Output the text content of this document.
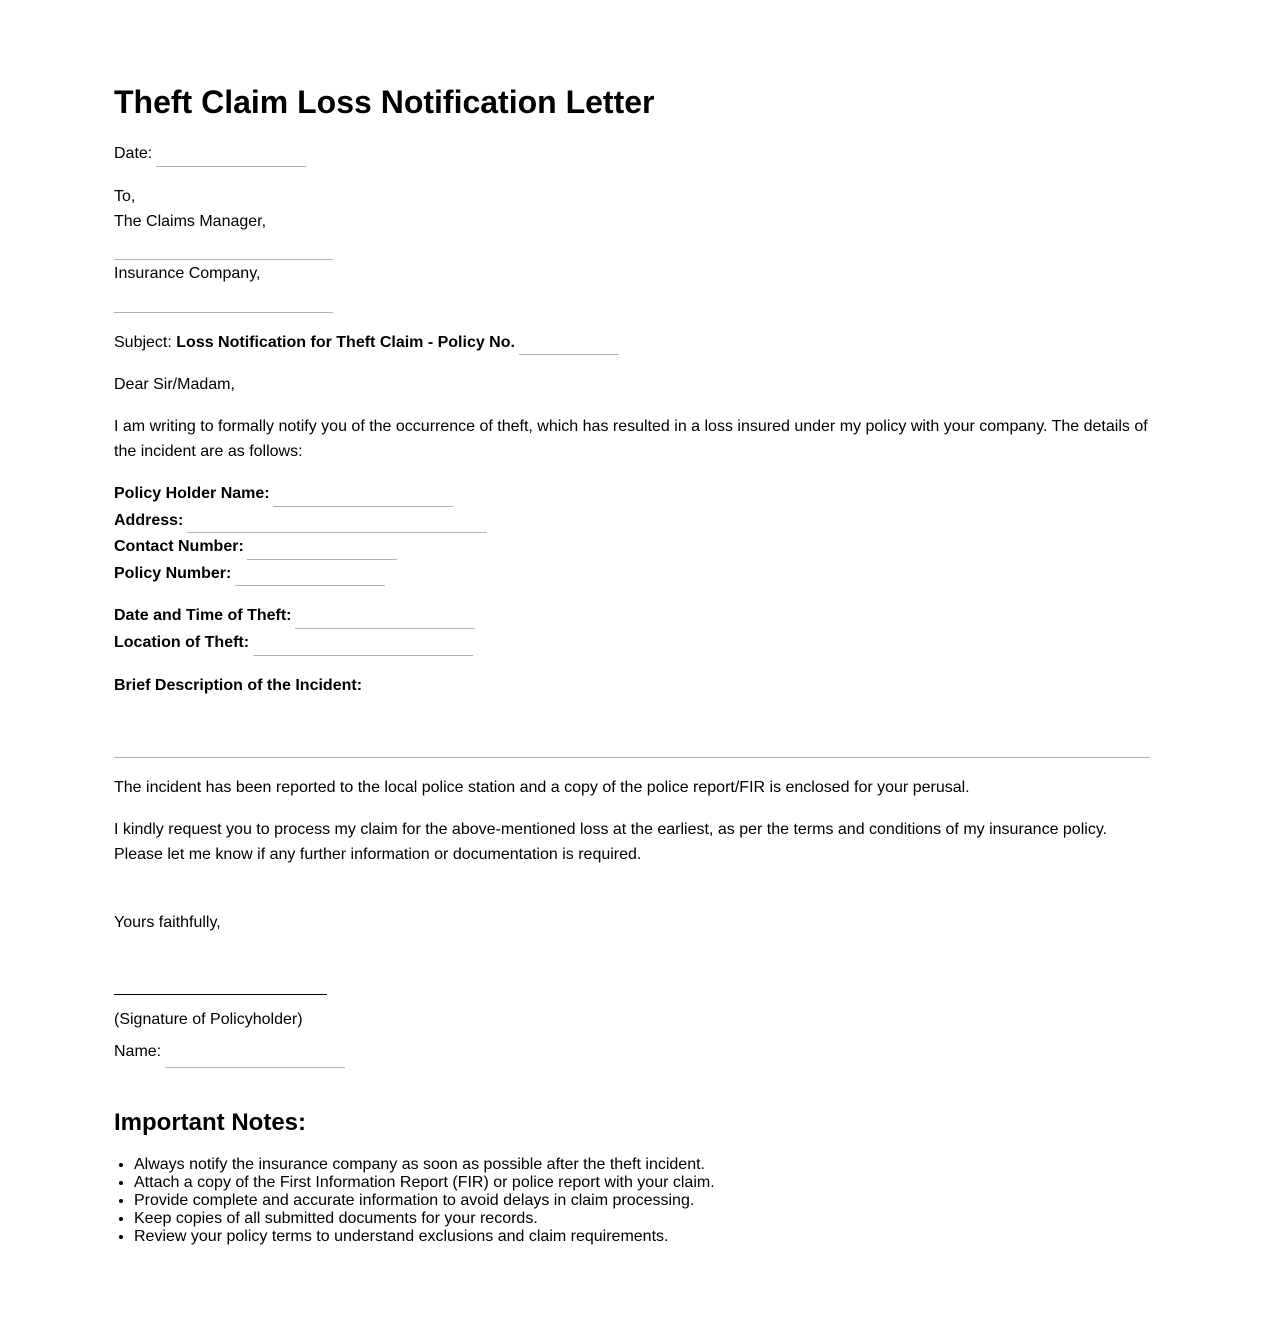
Theft Claim Loss Notification Letter
Date:
To,
The Claims Manager,
Insurance Company,
Subject: Loss Notification for Theft Claim - Policy No.
Dear Sir/Madam,

I am writing to formally notify you of the occurrence of theft, which has resulted in a loss insured under my policy with your company. The details of the incident are as follows:

Policy Holder Name:
Address:
Contact Number:
Policy Number:
Date and Time of Theft:
Location of Theft:
Brief Description of the Incident:

The incident has been reported to the local police station and a copy of the police report/FIR is enclosed for your perusal.

I kindly request you to process my claim for the above-mentioned loss at the earliest, as per the terms and conditions of my insurance policy. Please let me know if any further information or documentation is required.

Yours faithfully,
(Signature of Policyholder)
Name:
Important Notes:
• Always notify the insurance company as soon as possible after the theft incident.
• Attach a copy of the First Information Report (FIR) or police report with your claim.
• Provide complete and accurate information to avoid delays in claim processing.
• Keep copies of all submitted documents for your records.
• Review your policy terms to understand exclusions and claim requirements.
